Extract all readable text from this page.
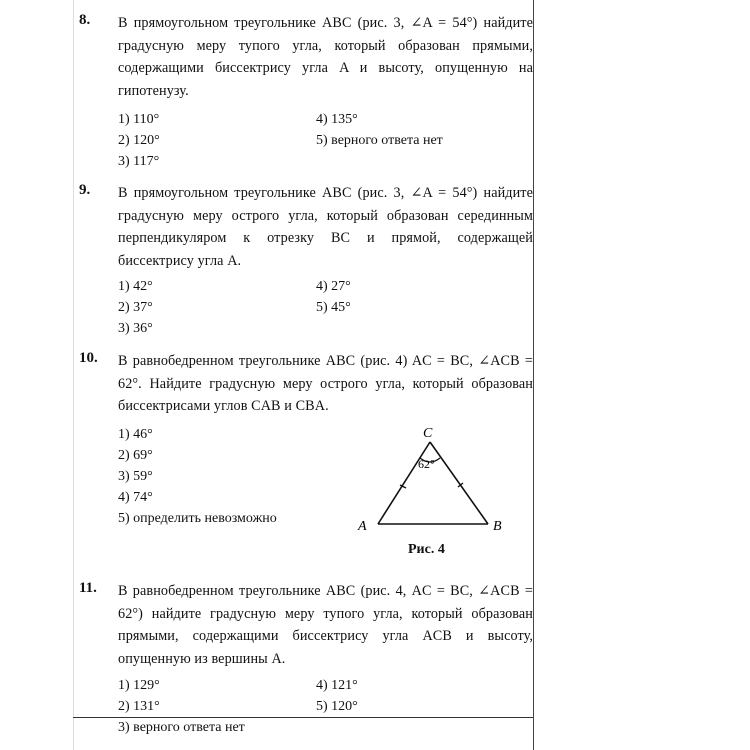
8. В прямоугольном треугольнике ABC (рис. 3, ∠A = 54°) найдите градусную меру тупого угла, который образован прямыми, содержащими биссектрису угла A и высоту, опущенную на гипотенузу.
1) 110°
2) 120°
3) 117°
4) 135°
5) верного ответа нет
9. В прямоугольном треугольнике ABC (рис. 3, ∠A = 54°) найдите градусную меру острого угла, который образован серединным перпендикуляром к отрезку BC и прямой, содержащей биссектрису угла A.
1) 42°
2) 37°
3) 36°
4) 27°
5) 45°
10. В равнобедренном треугольнике ABC (рис. 4) AC = BC, ∠ACB = 62°. Найдите градусную меру острого угла, который образован биссектрисами углов CAB и CBA.
1) 46°
2) 69°
3) 59°
4) 74°
5) определить невозможно
C
A	B
62°
Рис. 4
11. В равнобедренном треугольнике ABC (рис. 4, AC = BC, ∠ACB = 62°) найдите градусную меру тупого угла, который образован прямыми, содержащими биссектрису угла ACB и высоту, опущенную из вершины A.
1) 129°
2) 131°
3) верного ответа нет
4) 121°
5) 120°
